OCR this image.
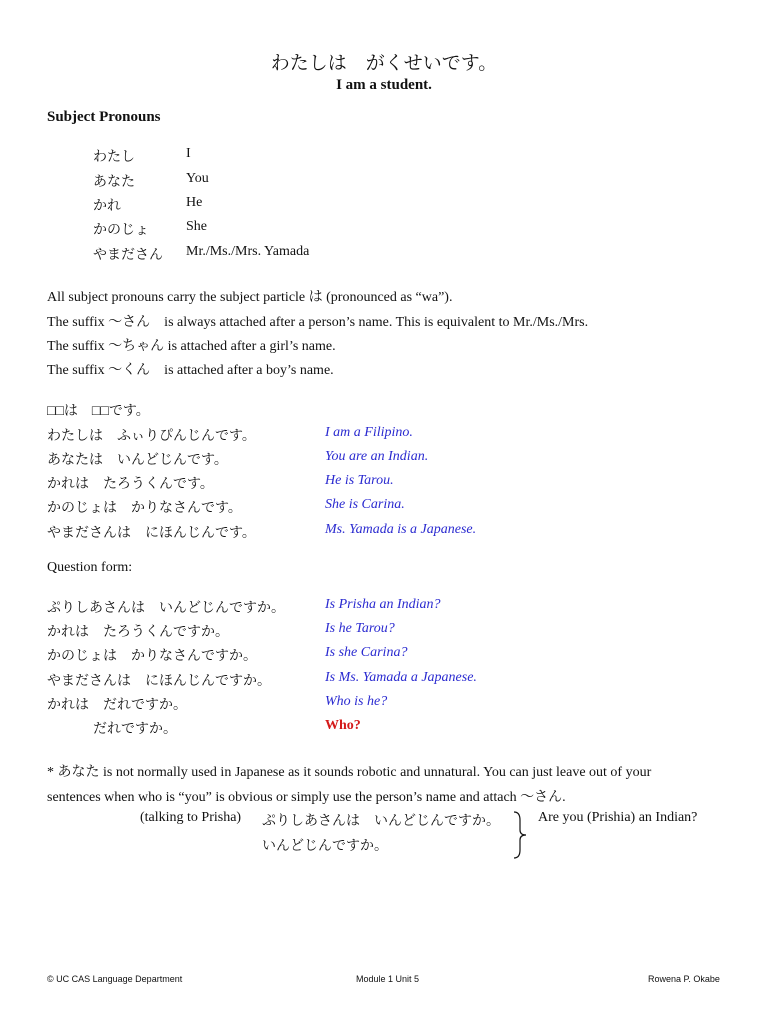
わたしは　がくせいです。
I am a student.
Subject Pronouns
わたし	I
あなた	You
かれ	He
かのじょ	She
やまださん Mr./Ms./Mrs. Yamada
All subject pronouns carry the subject particle は (pronounced as “wa”).
The suffix 〜さん　is always attached after a person’s name. This is equivalent to Mr./Ms./Mrs.
The suffix 〜ちゃん is attached after a girl’s name.
The suffix 〜くん　is attached after a boy’s name.
□□は　□□です。
わたしは　ふぃりぴんじんです。	I am a Filipino.
あなたは　いんどじんです。	You are an Indian.
かれは　たろうくんです。	He is Tarou.
かのじょは　かりなさんです。	She is Carina.
やまださんは　にほんじんです。	Ms. Yamada is a Japanese.
Question form:
ぷりしあさんは　いんどじんですか。	Is Prisha an Indian?
かれは　たろうくんですか。	Is he Tarou?
かのじょは　かりなさんですか。	Is she Carina?
やまださんは　にほんじんですか。	Is Ms. Yamada a Japanese.
かれは　だれですか。	Who is he?
だれですか。	Who?
* あなた is not normally used in Japanese as it sounds robotic and unnatural. You can just leave out of your
sentences when who is “you” is obvious or simply use the person’s name and attach 〜さん.
(talking to Prisha) ぷりしあさんは　いんどじんですか。
いんどじんですか。
Are you (Prishia) an Indian?
© UC CAS Language Department	Module 1 Unit 5	Rowena P. Okabe
